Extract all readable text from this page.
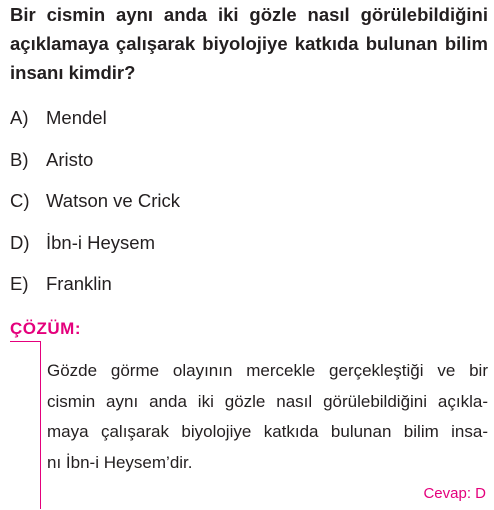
Bir cismin aynı anda iki gözle nasıl görülebildiğini
açıklamaya çalışarak biyolojiye katkıda bulunan bilim
insanı kimdir?
A) Mendel
B) Aristo
C) Watson ve Crick
D) İbn-i Heysem
E) Franklin
ÇÖZÜM:
Gözde görme olayının mercekle gerçekleştiği ve bir
cismin aynı anda iki gözle nasıl görülebildiğini açıkla-
maya çalışarak biyolojiye katkıda bulunan bilim insa-
nı İbn-i Heysem’dir.
Cevap: D
